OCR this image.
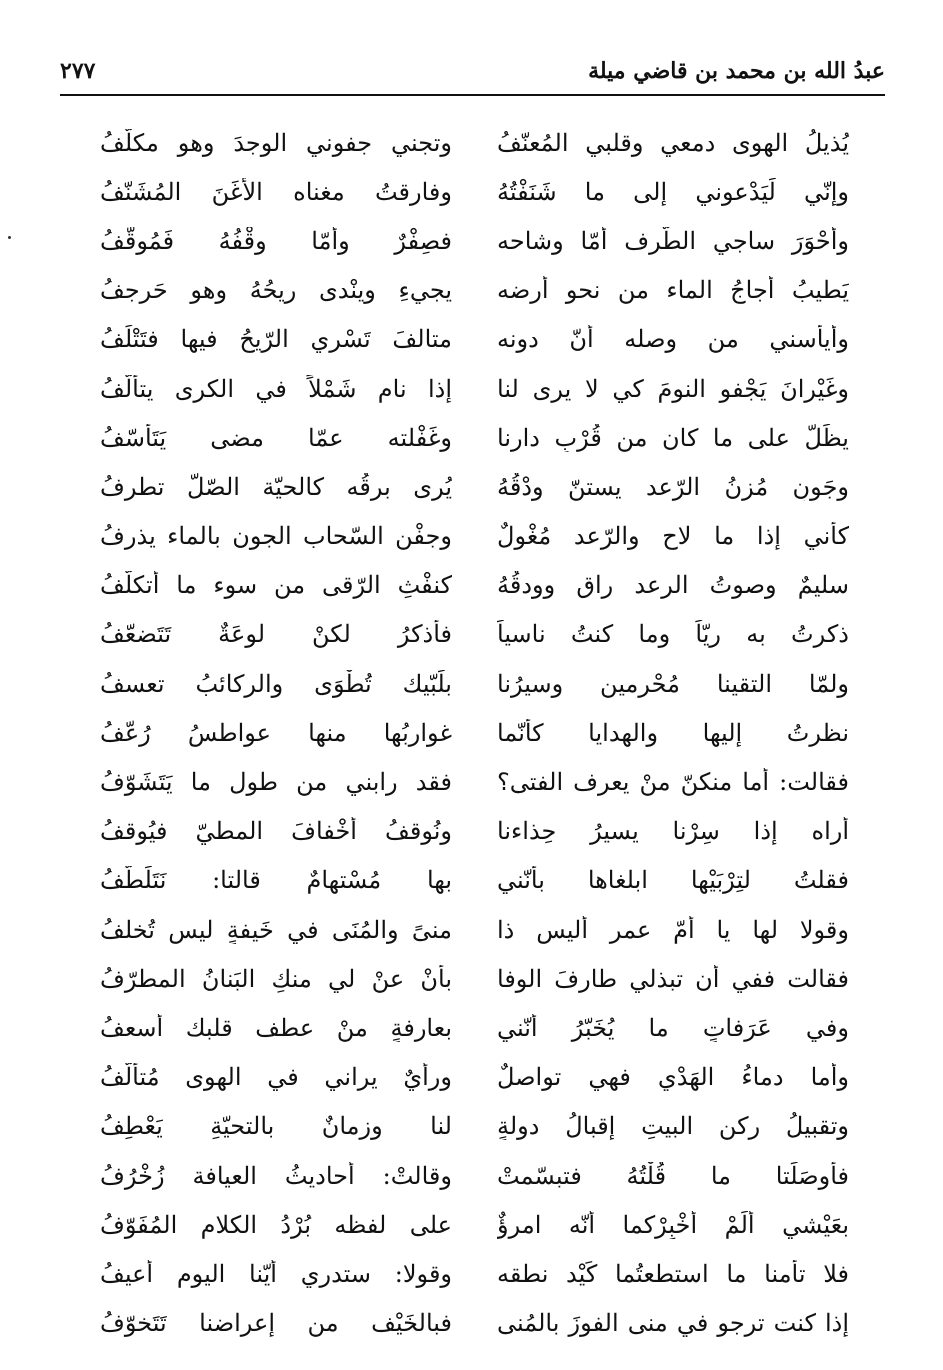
عبدُ الله بن محمد بن قاضي ميلة
٢٧٧
يُذيلُ الهوى دمعي وقلبي المُعنّفُ
وتجني جفوني الوجدَ وهو مكلّفُ
وإنّي لَيَدْعوني إلى ما شَنَفْتُهُ
وفارقتُ مغناه الأغَنَ المُشَنّفُ
وأحْوَرَ ساجي الطّرف أمّا وشاحه
فصِفْرٌ وأمّا وقْفُهُ فَمُوقّفُ
يَطيبُ أجاجُ الماء من نحو أرضه
يجيءِ وينْدى ريحُهُ وهو حَرجفُ
وأيأسني من وصله أنّ دونه
متالفَ تَسْري الرّيحُ فيها فتَتْلَفُ
وغَيْرانَ يَجْفو النومَ كي لا يرى لنا
إذا نام شَمْلاً في الكرى يتألّفُ
يظَلّ على ما كان من قُرْبِ دارنا
وغَفْلته عمّا مضى يَتَأسّفُ
وجَونٍ مُزنُ الرّعد يستنّ ودْقُهُ
يُرى برقُه كالحيّة الصّلّ تطرفُ
كأني إذا ما لاح والرّعد مُغْوِلٌ
وجفْن السّحاب الجون بالماء يذرفُ
سليمٌ وصوتُ الرعد راقٍ وودقُهُ
كنفْثِ الرّقى من سوء ما أتكلّفُ
ذكرتُ به ريّاً وما كنتُ ناسياً
فأذكرُ لكنْ لوعَةٌ تَتَضعّفُ
ولمّا التقينا مُحْرمين وسيرُنا
بلَبّيك تُطْوَى والركائبُ تعسفُ
نظرتُ إليها والهدايا كأنّما
غواربُها منها عواطسُ رُعّفُ
فقالت: أما منكنّ منْ يعرف الفتى؟
فقد رابني من طول ما يَتَشَوّفُ
أراه إذا سِرْنا يسيرُ حِذاءنا
ونُوقفُ أخْفافَ المطيّ فيُوقفُ
فقلتُ لتِرْبَيْها ابلغاها بأنّني
بها مُسْتهامٌ قالتا: نَتَلَطّفُ
وقولا لها يا أمّ عمرٍ أليس ذا
منىً والمُنَى في خَيفةٍ ليس تُخلفُ
فقالت ففي أن تبذلي طارفَ الوفا
بأنْ عنْ لي منكِ البَنانُ المطرّفُ
وفي عَرَفاتٍ ما يُخَبّرُ أنّني
بعارفةٍ منْ عطف قلبك أُسعفُ
وأما دماءُ الهَدْي فهي تواصلٌ
ورأيٌ يراني في الهوى مُتألّفُ
وتقبيلُ ركنِ البيتِ إقبالُ دولةٍ
لنا وزمانٌ بالتحيّةِ يَعْطِفُ
فأوصَلَتا ما قُلْتُهُ فتبسّمتْ
وقالتْ: أحاديثُ العيافة زُخْرُفُ
بعَيْشي ألَمْ أُخْبِرْكما أنّه امرؤٌ
على لفظه بُرْدُ الكلامِ المُفَوّفُ
فلا تأمنا ما استطعتُما كَيْد نطقه
وقولا: ستدري أيّنا اليوم أعيفُ
إذا كنت ترجو في منى الفوزَ بالمُنى
فبالخَيْف من إعراضنا تَتَخوّفُ
